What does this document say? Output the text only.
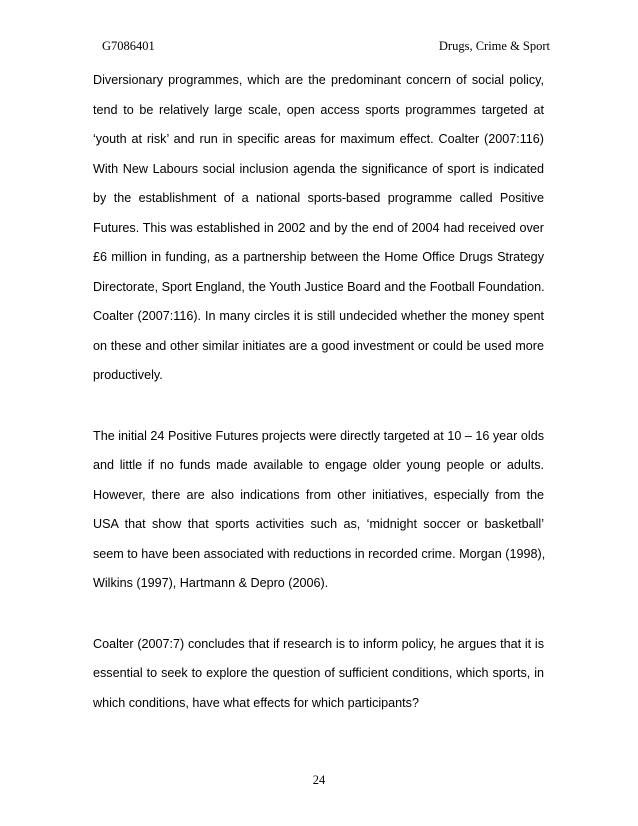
G7086401	Drugs, Crime & Sport
Diversionary programmes, which are the predominant concern of social policy,
tend to be relatively large scale, open access sports programmes targeted at
‘youth at risk’ and run in specific areas for maximum effect. Coalter (2007:116)
With New Labours social inclusion agenda the significance of sport is indicated
by the establishment of a national sports-based programme called Positive
Futures. This was established in 2002 and by the end of 2004 had received over
£6 million in funding, as a partnership between the Home Office Drugs Strategy
Directorate, Sport England, the Youth Justice Board and the Football Foundation.
Coalter (2007:116). In many circles it is still undecided whether the money spent
on these and other similar initiates are a good investment or could be used more
productively.
The initial 24 Positive Futures projects were directly targeted at 10 – 16 year olds
and little if no funds made available to engage older young people or adults.
However, there are also indications from other initiatives, especially from the
USA that show that sports activities such as, ‘midnight soccer or basketball’
seem to have been associated with reductions in recorded crime. Morgan (1998),
Wilkins (1997), Hartmann & Depro (2006).
Coalter (2007:7) concludes that if research is to inform policy, he argues that it is
essential to seek to explore the question of sufficient conditions, which sports, in
which conditions, have what effects for which participants?
24
